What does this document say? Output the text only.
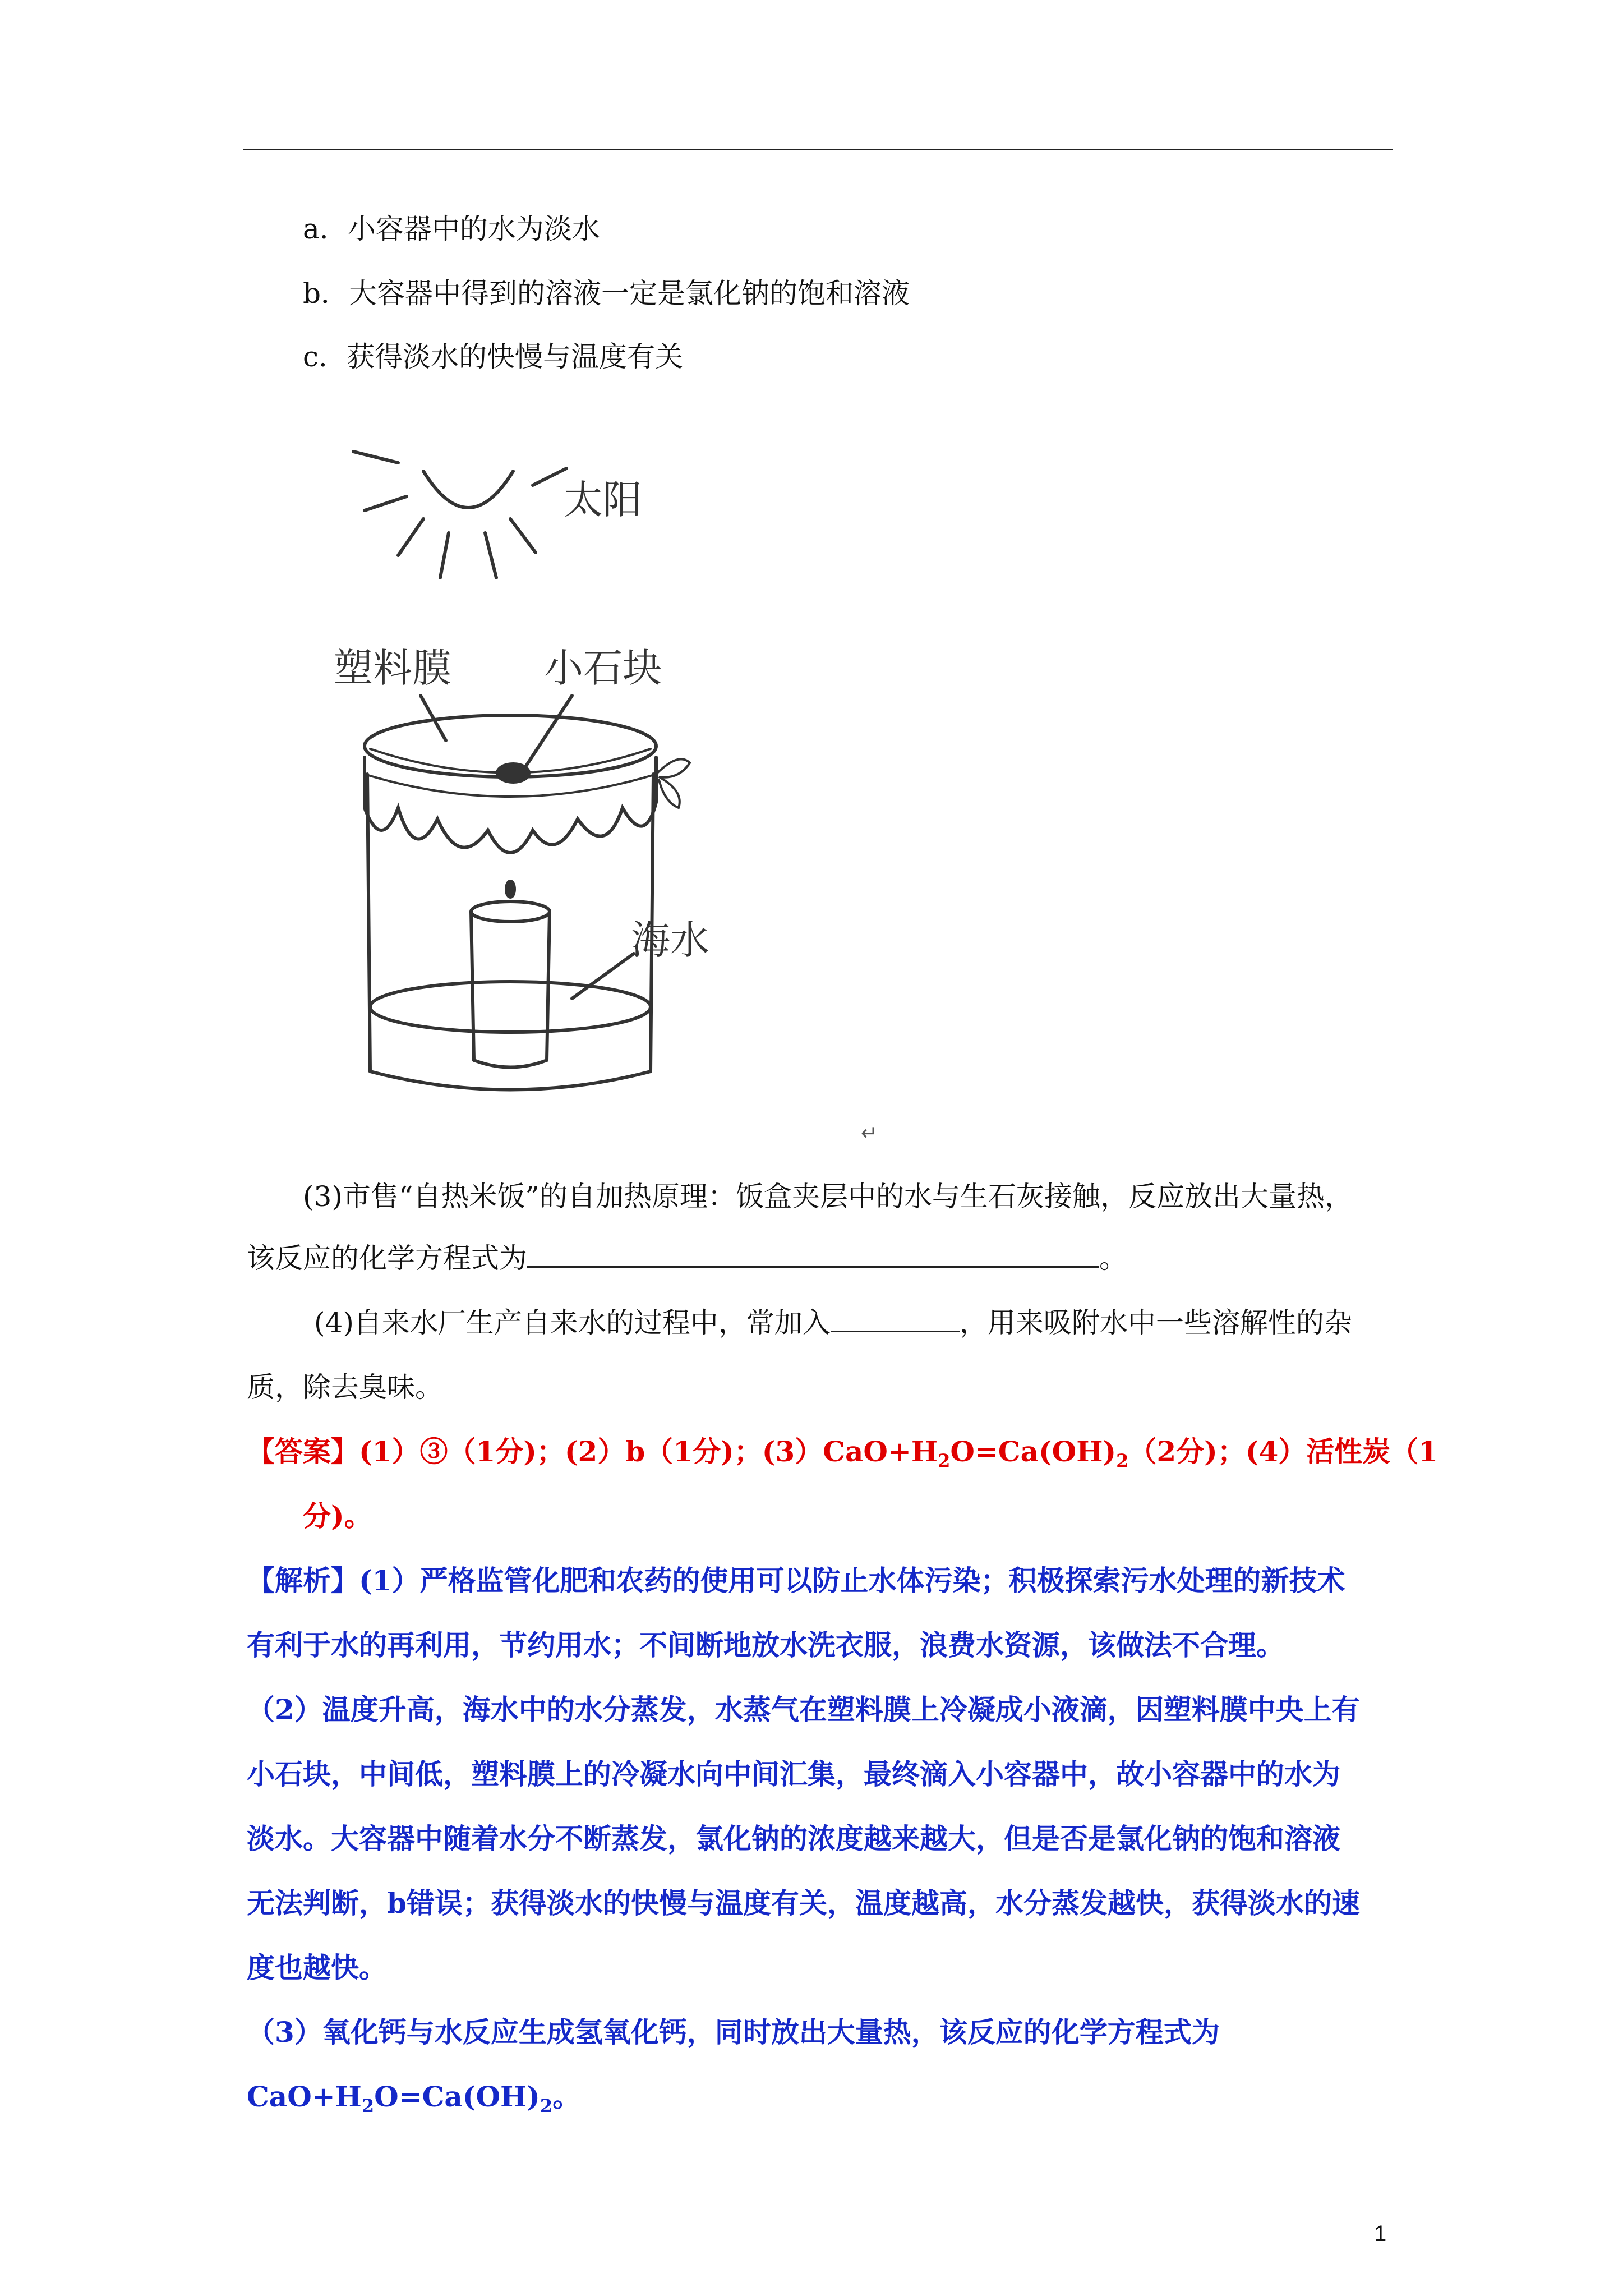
a．小容器中的水为淡水
b．大容器中得到的溶液一定是氯化钠的饱和溶液
c．获得淡水的快慢与温度有关
太阳
塑料膜 小石块
海水
↵
(3)市售“自热米饭”的自加热原理：饭盒夹层中的水与生石灰接触，反应放出大量热，
该反应的化学方程式为	。
(4)自来水厂生产自来水的过程中，常加入	，用来吸附水中一些溶解性的杂
质，除去臭味。
【答案】(1）③（1分)；(2）b（1分)；$(3)CaO+H_2O=Ca(OH)_2(2$分)；(4）活性炭（1
分)。
【解析】(1）严格监管化肥和农药的使用可以防止水体污染；积极探索污水处理的新技术
有利于水的再利用，节约用水；不间断地放水洗衣服，浪费水资源，该做法不合理。
（2）温度升高，海水中的水分蒸发，水蒸气在塑料膜上冷凝成小液滴，因塑料膜中央上有
小石块，中间低，塑料膜上的冷凝水向中间汇集，最终滴入小容器中，故小容器中的水为
淡水。大容器中随着水分不断蒸发，氯化钠的浓度越来越大，但是否是氯化钠的饱和溶液
无法判断，b错误；获得淡水的快慢与温度有关，温度越高，水分蒸发越快，获得淡水的速
度也越快。
（3）氧化钙与水反应生成氢氧化钙，同时放出大量热，该反应的化学方程式为
$CaO+H_2O=Ca(OH)_2$。
1
